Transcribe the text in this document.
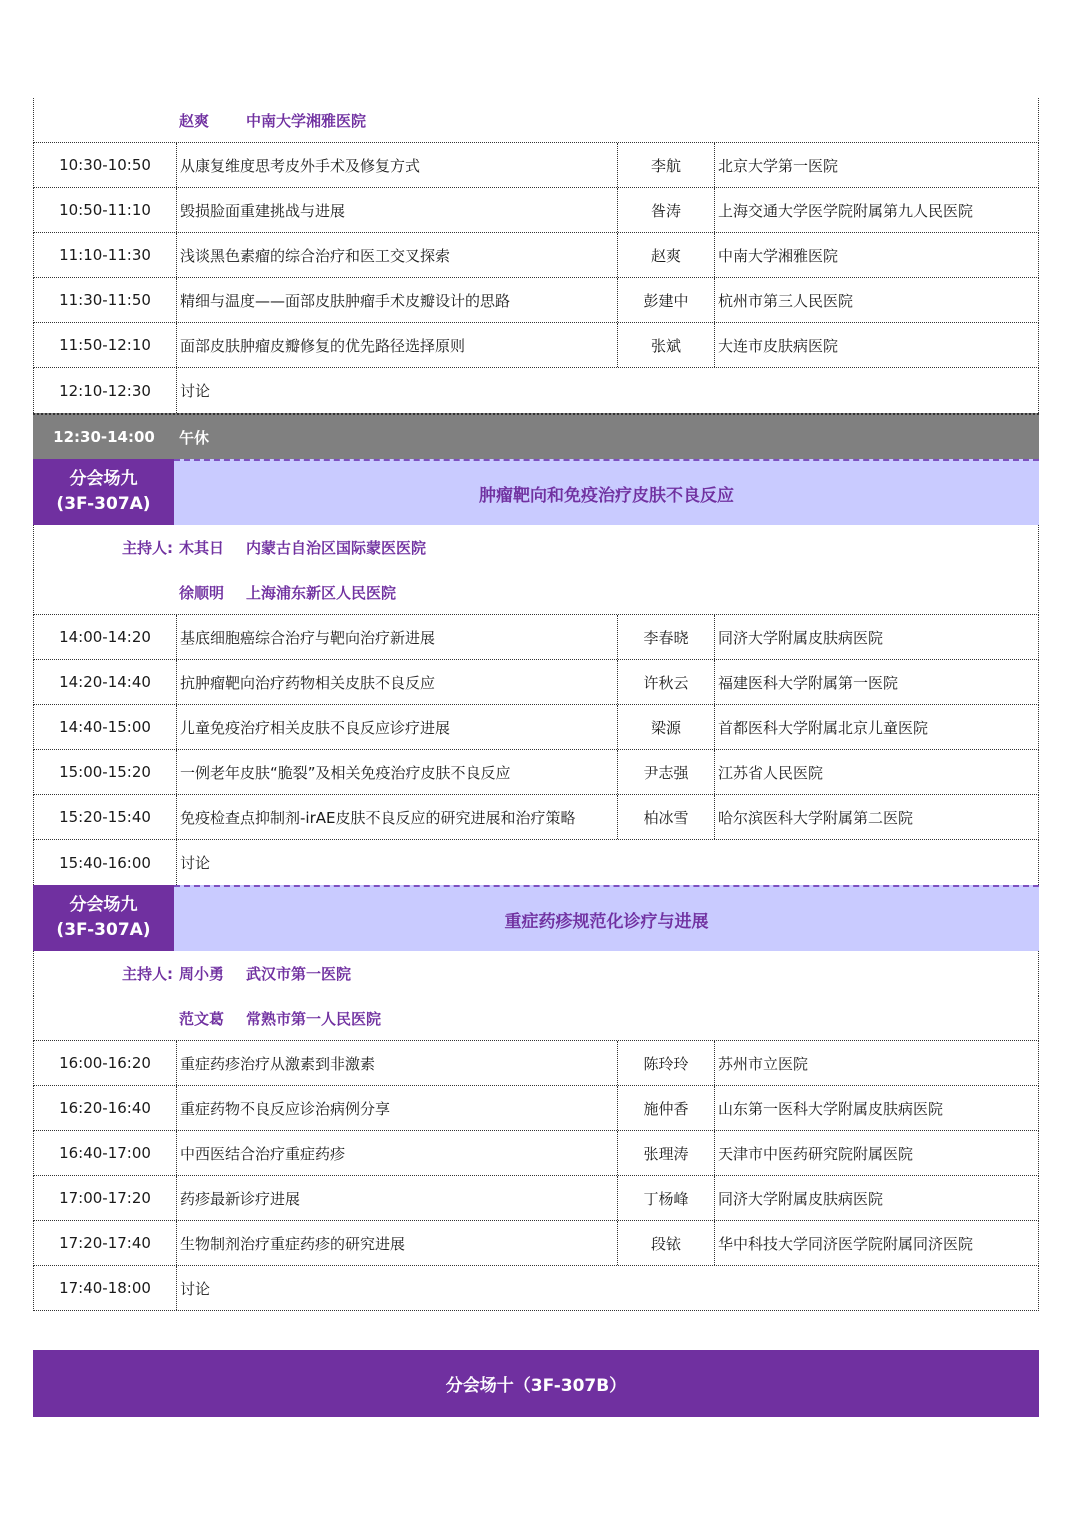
赵爽	中南大学湘雅医院
10:30-10:50	从康复维度思考皮外手术及修复方式	李航	北京大学第一医院
10:50-11:10	毁损脸面重建挑战与进展	昝涛	上海交通大学医学院附属第九人民医院
11:10-11:30	浅谈黑色素瘤的综合治疗和医工交叉探索	赵爽	中南大学湘雅医院
11:30-11:50	精细与温度——面部皮肤肿瘤手术皮瓣设计的思路	彭建中	杭州市第三人民医院
11:50-12:10	面部皮肤肿瘤皮瓣修复的优先路径选择原则	张斌	大连市皮肤病医院
12:10-12:30	讨论
12:30-14:00	午休
分会场九
(3F-307A)	肿瘤靶向和免疫治疗皮肤不良反应
主持人: 木其日	内蒙古自治区国际蒙医医院
徐顺明	上海浦东新区人民医院
14:00-14:20	基底细胞癌综合治疗与靶向治疗新进展	李春晓	同济大学附属皮肤病医院
14:20-14:40	抗肿瘤靶向治疗药物相关皮肤不良反应	许秋云	福建医科大学附属第一医院
14:40-15:00	儿童免疫治疗相关皮肤不良反应诊疗进展	梁源	首都医科大学附属北京儿童医院
15:00-15:20	一例老年皮肤“脆裂”及相关免疫治疗皮肤不良反应	尹志强	江苏省人民医院
15:20-15:40	免疫检查点抑制剂-irAE皮肤不良反应的研究进展和治疗策略	柏冰雪	哈尔滨医科大学附属第二医院
15:40-16:00	讨论
分会场九
(3F-307A)	重症药疹规范化诊疗与进展
主持人: 周小勇	武汉市第一医院
范文葛	常熟市第一人民医院
16:00-16:20	重症药疹治疗从激素到非激素	陈玲玲	苏州市立医院
16:20-16:40	重症药物不良反应诊治病例分享	施仲香	山东第一医科大学附属皮肤病医院
16:40-17:00	中西医结合治疗重症药疹	张理涛	天津市中医药研究院附属医院
17:00-17:20	药疹最新诊疗进展	丁杨峰	同济大学附属皮肤病医院
17:20-17:40	生物制剂治疗重症药疹的研究进展	段铱	华中科技大学同济医学院附属同济医院
17:40-18:00	讨论
分会场十（3F-307B）
